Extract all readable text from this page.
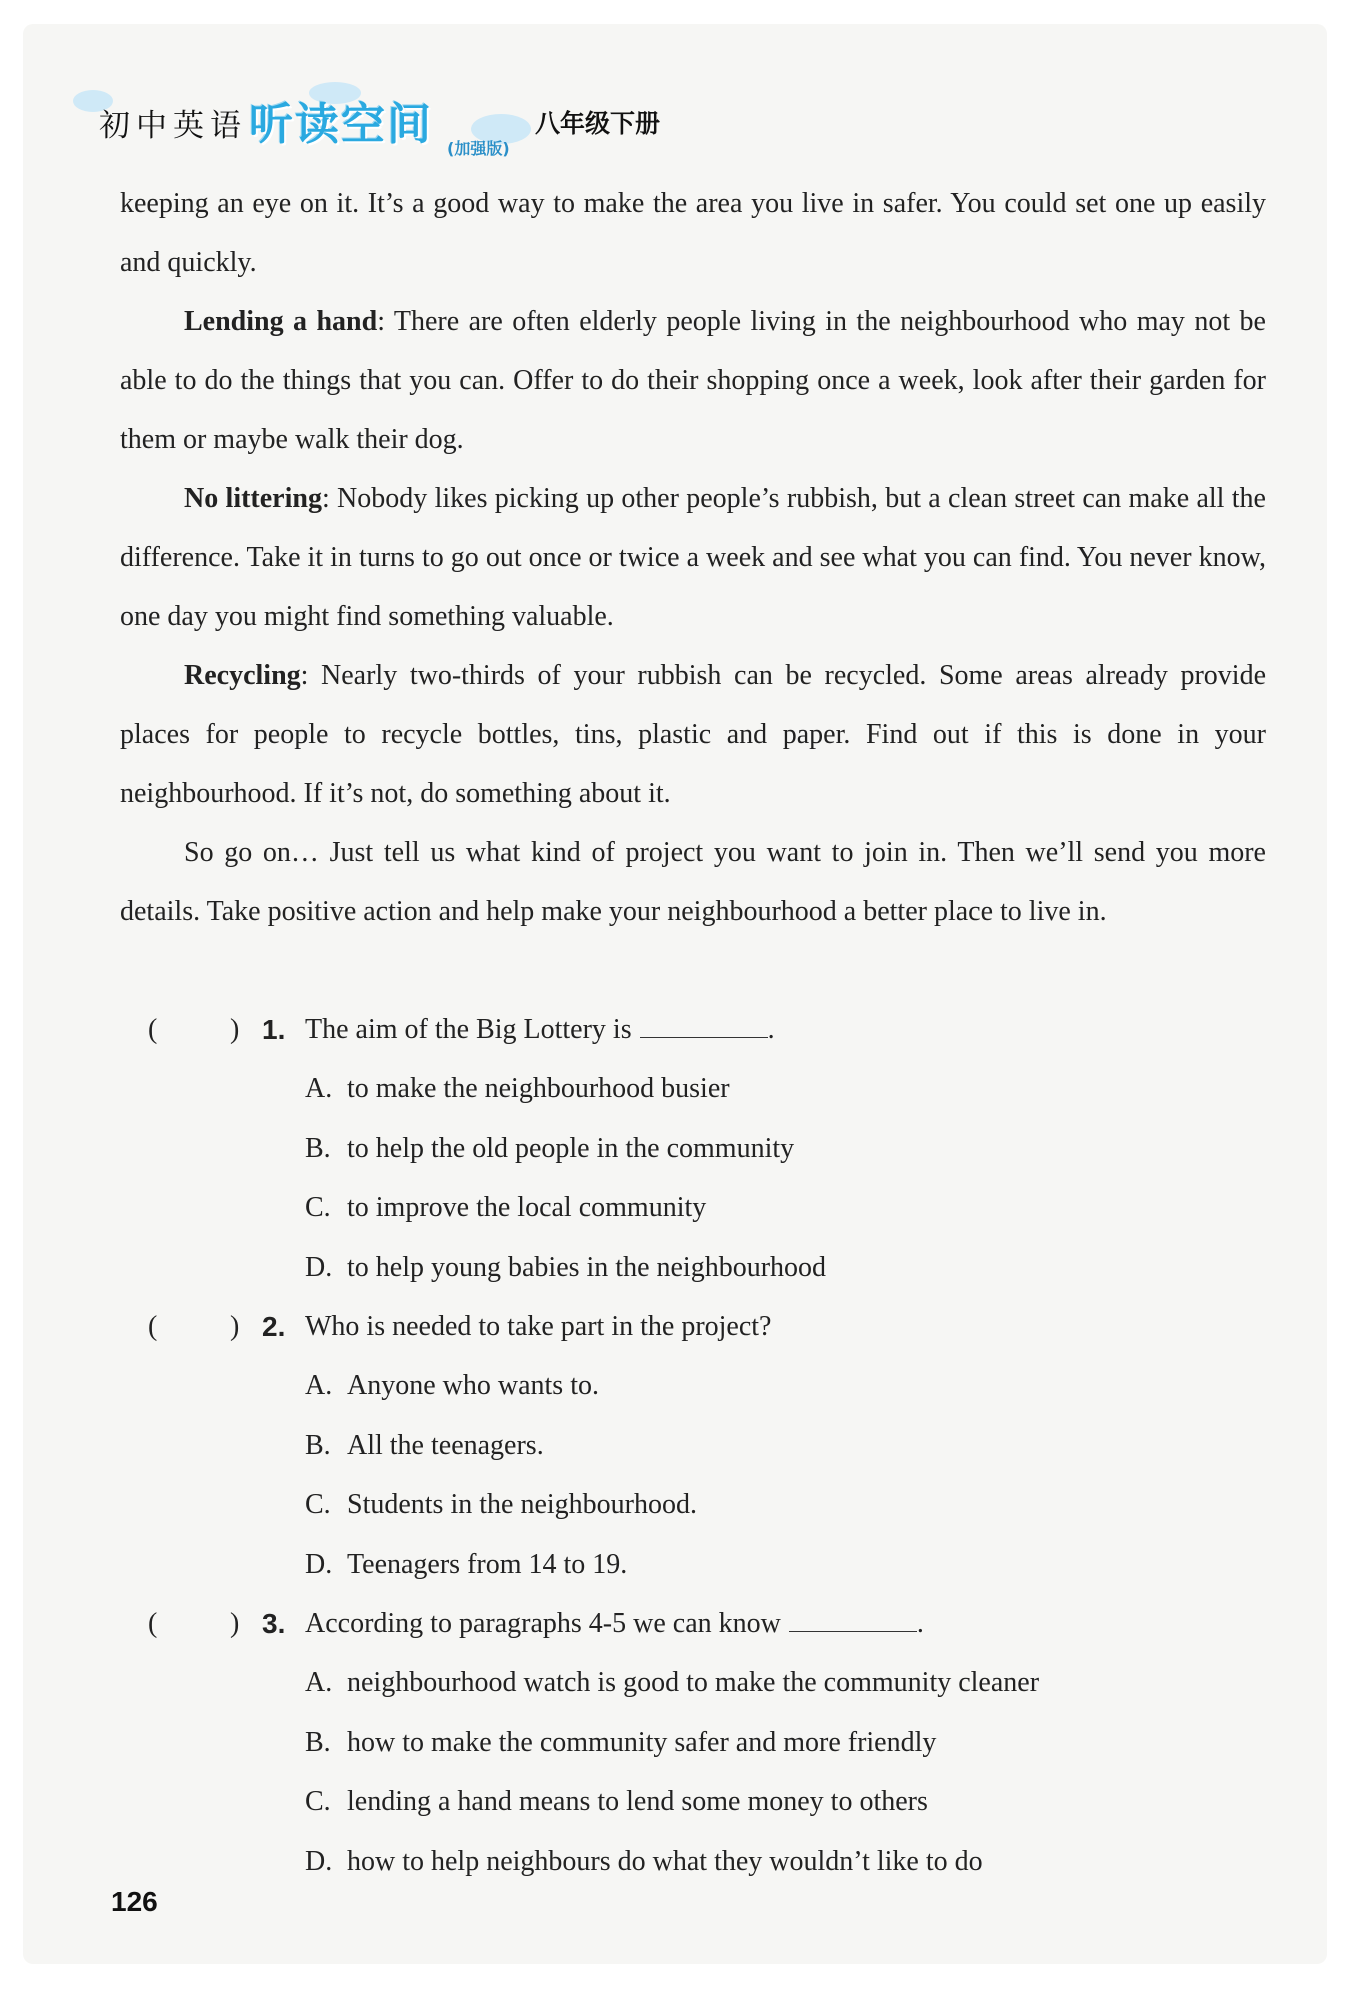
初中英语 听读空间 (加强版)
八年级下册

keeping an eye on it. It’s a good way to make the area you live in safer. You could set one up easily and quickly.

Lending a hand: There are often elderly people living in the neighbourhood who may not be able to do the things that you can. Offer to do their shopping once a week, look after their garden for them or maybe walk their dog.

No littering: Nobody likes picking up other people’s rubbish, but a clean street can make all the difference. Take it in turns to go out once or twice a week and see what you can find. You never know, one day you might find something valuable.

Recycling: Nearly two-thirds of your rubbish can be recycled. Some areas already provide places for people to recycle bottles, tins, plastic and paper. Find out if this is done in your neighbourhood. If it’s not, do something about it.

So go on… Just tell us what kind of project you want to join in. Then we’ll send you more details. Take positive action and help make your neighbourhood a better place to live in.

(	) 1. The aim of the Big Lottery is	.
A. to make the neighbourhood busier
B. to help the old people in the community
C. to improve the local community
D. to help young babies in the neighbourhood
(	) 2. Who is needed to take part in the project?
A. Anyone who wants to.
B. All the teenagers.
C. Students in the neighbourhood.
D. Teenagers from 14 to 19.
(	) 3. According to paragraphs 4-5 we can know	.
A. neighbourhood watch is good to make the community cleaner
B. how to make the community safer and more friendly
C. lending a hand means to lend some money to others
D. how to help neighbours do what they wouldn’t like to do
126
